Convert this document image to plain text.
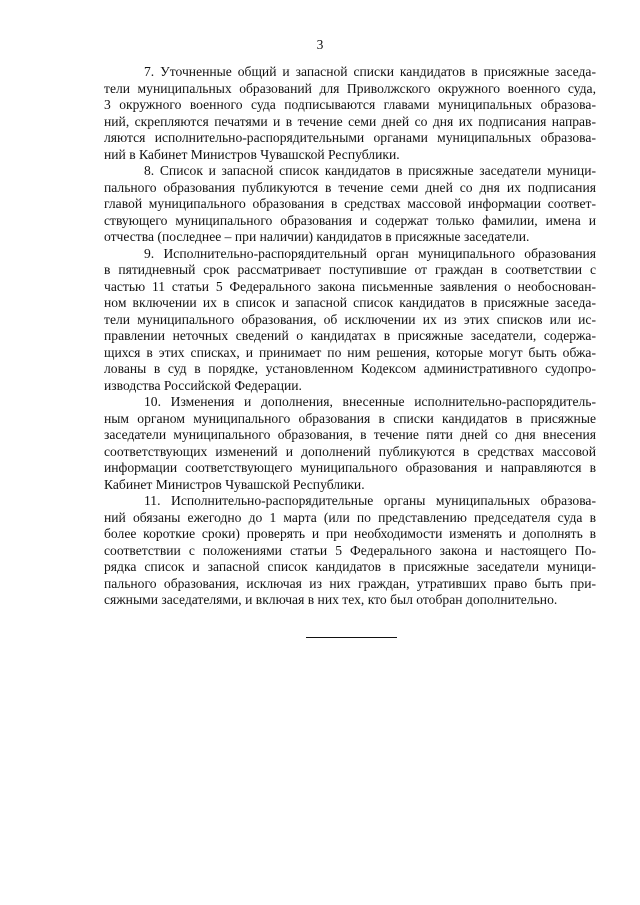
3
7. Уточненные общий и запасной списки кандидатов в присяжные заседа-
тели муниципальных образований для Приволжского окружного военного суда,
3 окружного военного суда подписываются главами муниципальных образова-
ний, скрепляются печатями и в течение семи дней со дня их подписания направ-
ляются исполнительно-распорядительными органами муниципальных образова-
ний в Кабинет Министров Чувашской Республики.
8. Список и запасной список кандидатов в присяжные заседатели муници-
пального образования публикуются в течение семи дней со дня их подписания
главой муниципального образования в средствах массовой информации соответ-
ствующего муниципального образования и содержат только фамилии, имена и
отчества (последнее – при наличии) кандидатов в присяжные заседатели.
9. Исполнительно-распорядительный орган муниципального образования
в пятидневный срок рассматривает поступившие от граждан в соответствии с
частью 11 статьи 5 Федерального закона письменные заявления о необоснован-
ном включении их в список и запасной список кандидатов в присяжные заседа-
тели муниципального образования, об исключении их из этих списков или ис-
правлении неточных сведений о кандидатах в присяжные заседатели, содержа-
щихся в этих списках, и принимает по ним решения, которые могут быть обжа-
лованы в суд в порядке, установленном Кодексом административного судопро-
изводства Российской Федерации.
10. Изменения и дополнения, внесенные исполнительно-распорядитель-
ным органом муниципального образования в списки кандидатов в присяжные
заседатели муниципального образования, в течение пяти дней со дня внесения
соответствующих изменений и дополнений публикуются в средствах массовой
информации соответствующего муниципального образования и направляются в
Кабинет Министров Чувашской Республики.
11. Исполнительно-распорядительные органы муниципальных образова-
ний обязаны ежегодно до 1 марта (или по представлению председателя суда в
более короткие сроки) проверять и при необходимости изменять и дополнять в
соответствии с положениями статьи 5 Федерального закона и настоящего По-
рядка список и запасной список кандидатов в присяжные заседатели муници-
пального образования, исключая из них граждан, утративших право быть при-
сяжными заседателями, и включая в них тех, кто был отобран дополнительно.
